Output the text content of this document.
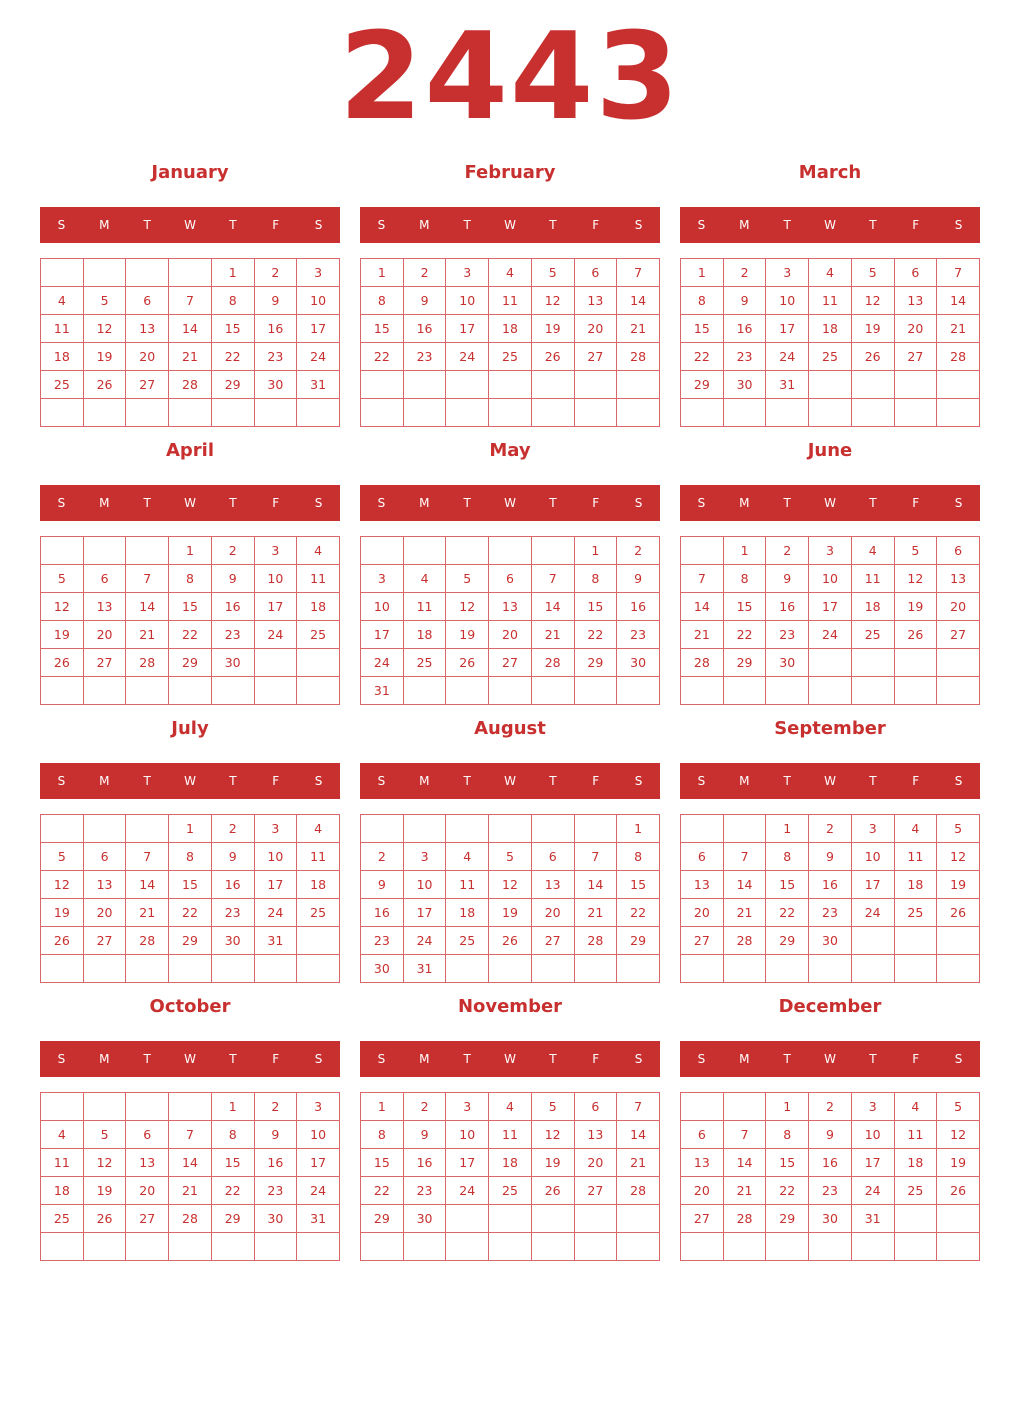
2443
January
S	M	T	W	T	F	S
				1	2	3
4	5	6	7	8	9	10
11	12	13	14	15	16	17
18	19	20	21	22	23	24
25	26	27	28	29	30	31

February
S	M	T	W	T	F	S
1	2	3	4	5	6	7
8	9	10	11	12	13	14
15	16	17	18	19	20	21
22	23	24	25	26	27	28

March
S	M	T	W	T	F	S
1	2	3	4	5	6	7
8	9	10	11	12	13	14
15	16	17	18	19	20	21
22	23	24	25	26	27	28
29	30	31				

April
S	M	T	W	T	F	S
			1	2	3	4
5	6	7	8	9	10	11
12	13	14	15	16	17	18
19	20	21	22	23	24	25
26	27	28	29	30		

May
S	M	T	W	T	F	S
					1	2
3	4	5	6	7	8	9
10	11	12	13	14	15	16
17	18	19	20	21	22	23
24	25	26	27	28	29	30
31						
June
S	M	T	W	T	F	S
	1	2	3	4	5	6
7	8	9	10	11	12	13
14	15	16	17	18	19	20
21	22	23	24	25	26	27
28	29	30				

July
S	M	T	W	T	F	S
			1	2	3	4
5	6	7	8	9	10	11
12	13	14	15	16	17	18
19	20	21	22	23	24	25
26	27	28	29	30	31	

August
S	M	T	W	T	F	S
						1
2	3	4	5	6	7	8
9	10	11	12	13	14	15
16	17	18	19	20	21	22
23	24	25	26	27	28	29
30	31					
September
S	M	T	W	T	F	S
		1	2	3	4	5
6	7	8	9	10	11	12
13	14	15	16	17	18	19
20	21	22	23	24	25	26
27	28	29	30			

October
S	M	T	W	T	F	S
				1	2	3
4	5	6	7	8	9	10
11	12	13	14	15	16	17
18	19	20	21	22	23	24
25	26	27	28	29	30	31

November
S	M	T	W	T	F	S
1	2	3	4	5	6	7
8	9	10	11	12	13	14
15	16	17	18	19	20	21
22	23	24	25	26	27	28
29	30					

December
S	M	T	W	T	F	S
		1	2	3	4	5
6	7	8	9	10	11	12
13	14	15	16	17	18	19
20	21	22	23	24	25	26
27	28	29	30	31		
